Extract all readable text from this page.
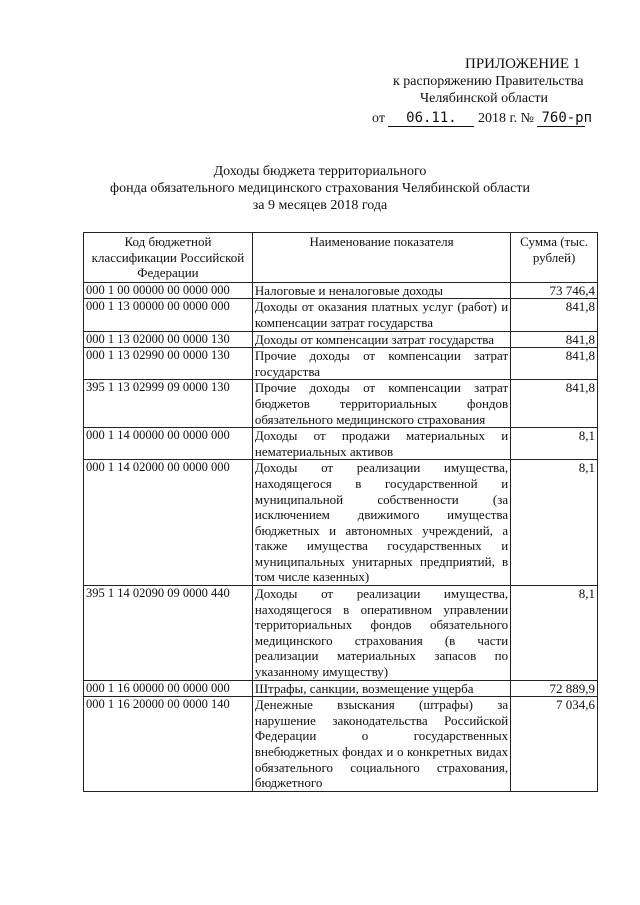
ПРИЛОЖЕНИЕ 1
к распоряжению Правительства
Челябинской области
от 06.11. 2018 г. № 760-рп
Доходы бюджета территориального
фонда обязательного медицинского страхования Челябинской области
за 9 месяцев 2018 года
Код бюджетной классификации Российской Федерации	Наименование показателя	Сумма (тыс. рублей)
000 1 00 00000 00 0000 000	Налоговые и неналоговые доходы	73 746,4
000 1 13 00000 00 0000 000	Доходы от оказания платных услуг (работ) и компенсации затрат государства	841,8
000 1 13 02000 00 0000 130	Доходы от компенсации затрат государства	841,8
000 1 13 02990 00 0000 130	Прочие доходы от компенсации затрат государства	841,8
395 1 13 02999 09 0000 130	Прочие доходы от компенсации затрат бюджетов территориальных фондов обязательного медицинского страхования	841,8
000 1 14 00000 00 0000 000	Доходы от продажи материальных и нематериальных активов	8,1
000 1 14 02000 00 0000 000	Доходы от реализации имущества, находящегося в государственной и муниципальной собственности (за исключением движимого имущества бюджетных и автономных учреждений, а также имущества государственных и муниципальных унитарных предприятий, в том числе казенных)	8,1
395 1 14 02090 09 0000 440	Доходы от реализации имущества, находящегося в оперативном управлении территориальных фондов обязательного медицинского страхования (в части реализации материальных запасов по указанному имуществу)	8,1
000 1 16 00000 00 0000 000	Штрафы, санкции, возмещение ущерба	72 889,9
000 1 16 20000 00 0000 140	Денежные взыскания (штрафы) за нарушение законодательства Российской Федерации о государственных внебюджетных фондах и о конкретных видах обязательного социального страхования, бюджетного	7 034,6
